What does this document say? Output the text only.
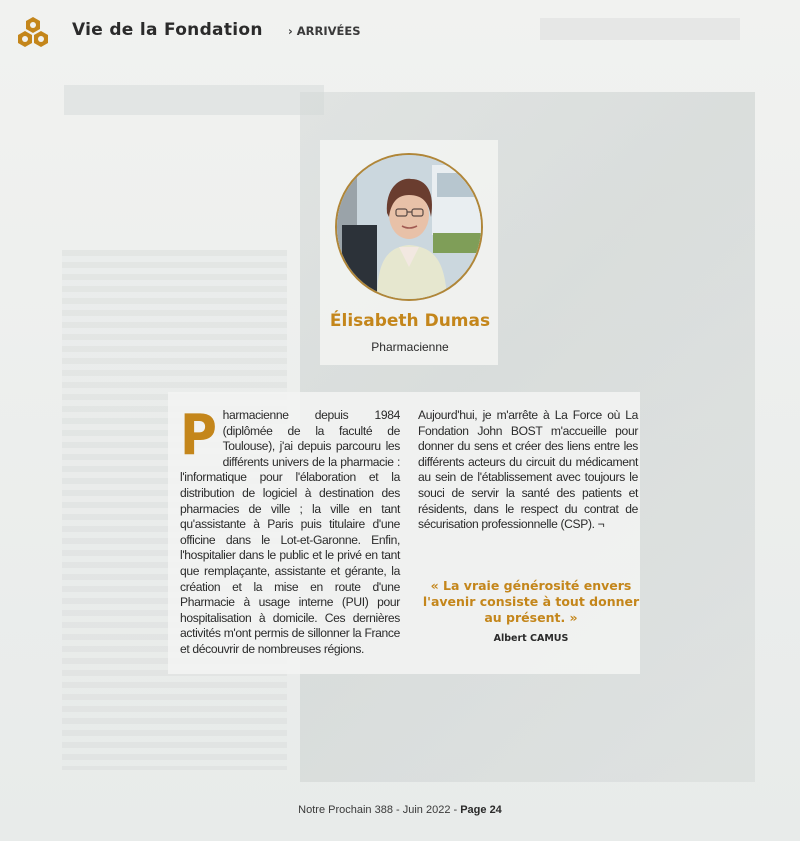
Vie de la Fondation › ARRIVÉES
Élisabeth Dumas
Pharmacienne
Pharmacienne depuis 1984 (diplômée de la faculté de Toulouse), j'ai depuis parcouru les différents univers de la pharmacie : l'informatique pour l'élaboration et la distribution de logiciel à destination des pharmacies de ville ; la ville en tant qu'assistante à Paris puis titulaire d'une officine dans le Lot-et-Garonne. Enfin, l'hospitalier dans le public et le privé en tant que remplaçante, assistante et gérante, la création et la mise en route d'une Pharmacie à usage interne (PUI) pour hospitalisation à domicile. Ces dernières activités m'ont permis de sillonner la France et découvrir de nombreuses régions.
Aujourd'hui, je m'arrête à La Force où La Fondation John BOST m'accueille pour donner du sens et créer des liens entre les différents acteurs du circuit du médicament au sein de l'établissement avec toujours le souci de servir la santé des patients et résidents, dans le respect du contrat de sécurisation professionnelle (CSP). ¬
« La vraie générosité envers l'avenir consiste à tout donner au présent. »
Albert CAMUS
Notre Prochain 388 - Juin 2022 - Page 24
